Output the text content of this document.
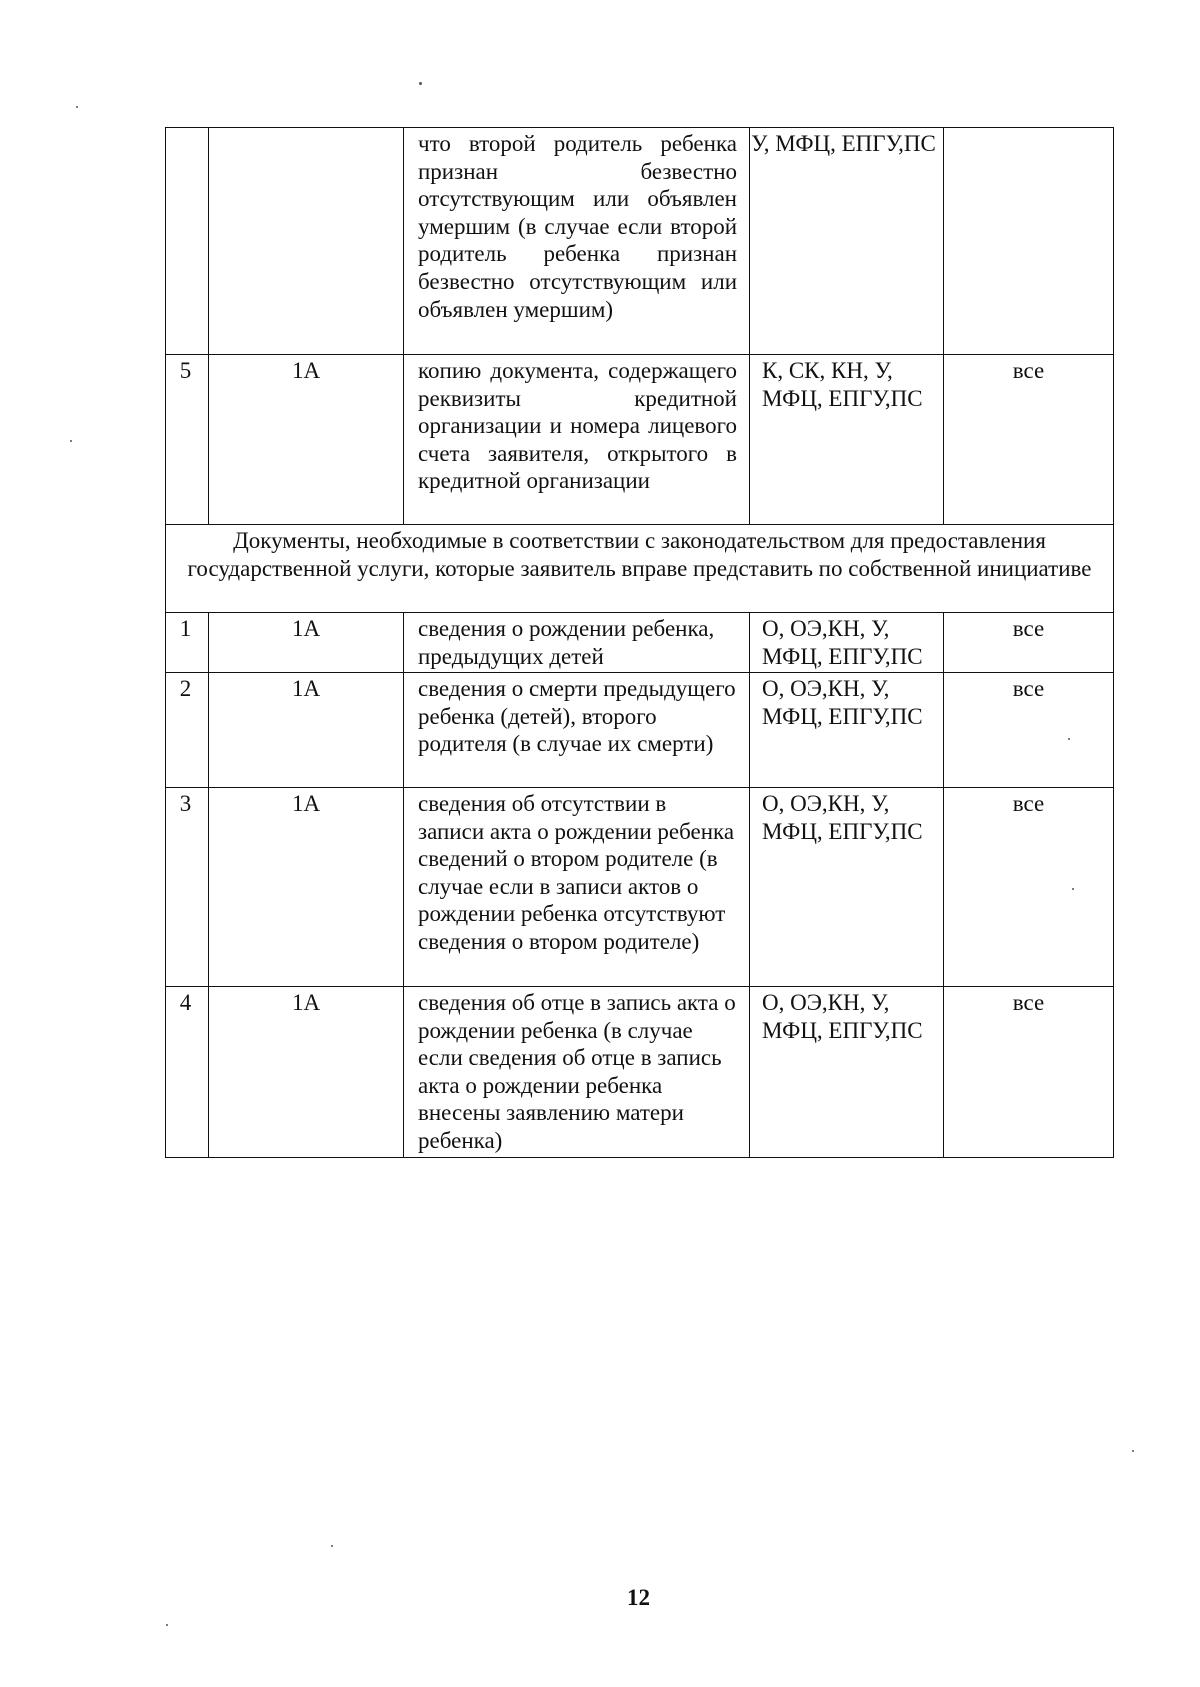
		что второй родитель ребенка признан безвестно отсутствующим или объявлен умершим (в случае если второй родитель ребенка признан безвестно отсутствующим или объявлен умершим)	У, МФЦ, ЕПГУ,ПС	
5	1А	копию документа, содержащего реквизиты кредитной организации и номера лицевого счета заявителя, открытого в кредитной организации	К, СК, КН, У, МФЦ, ЕПГУ,ПС	все
Документы, необходимые в соответствии с законодательством для предоставления государственной услуги, которые заявитель вправе представить по собственной инициативе				
1	1А	сведения о рождении ребенка, предыдущих детей	О, ОЭ,КН, У, МФЦ, ЕПГУ,ПС	все
2	1А	сведения о смерти предыдущего ребенка (детей), второго родителя (в случае их смерти)	О, ОЭ,КН, У, МФЦ, ЕПГУ,ПС	все
3	1А	сведения об отсутствии в записи акта о рождении ребенка сведений о втором родителе (в случае если в записи актов о рождении ребенка отсутствуют сведения о втором родителе)	О, ОЭ,КН, У, МФЦ, ЕПГУ,ПС	все
4	1А	сведения об отце в запись акта о рождении ребенка (в случае если сведения об отце в запись акта о рождении ребенка внесены заявлению матери ребенка)	О, ОЭ,КН, У, МФЦ, ЕПГУ,ПС	все
12
